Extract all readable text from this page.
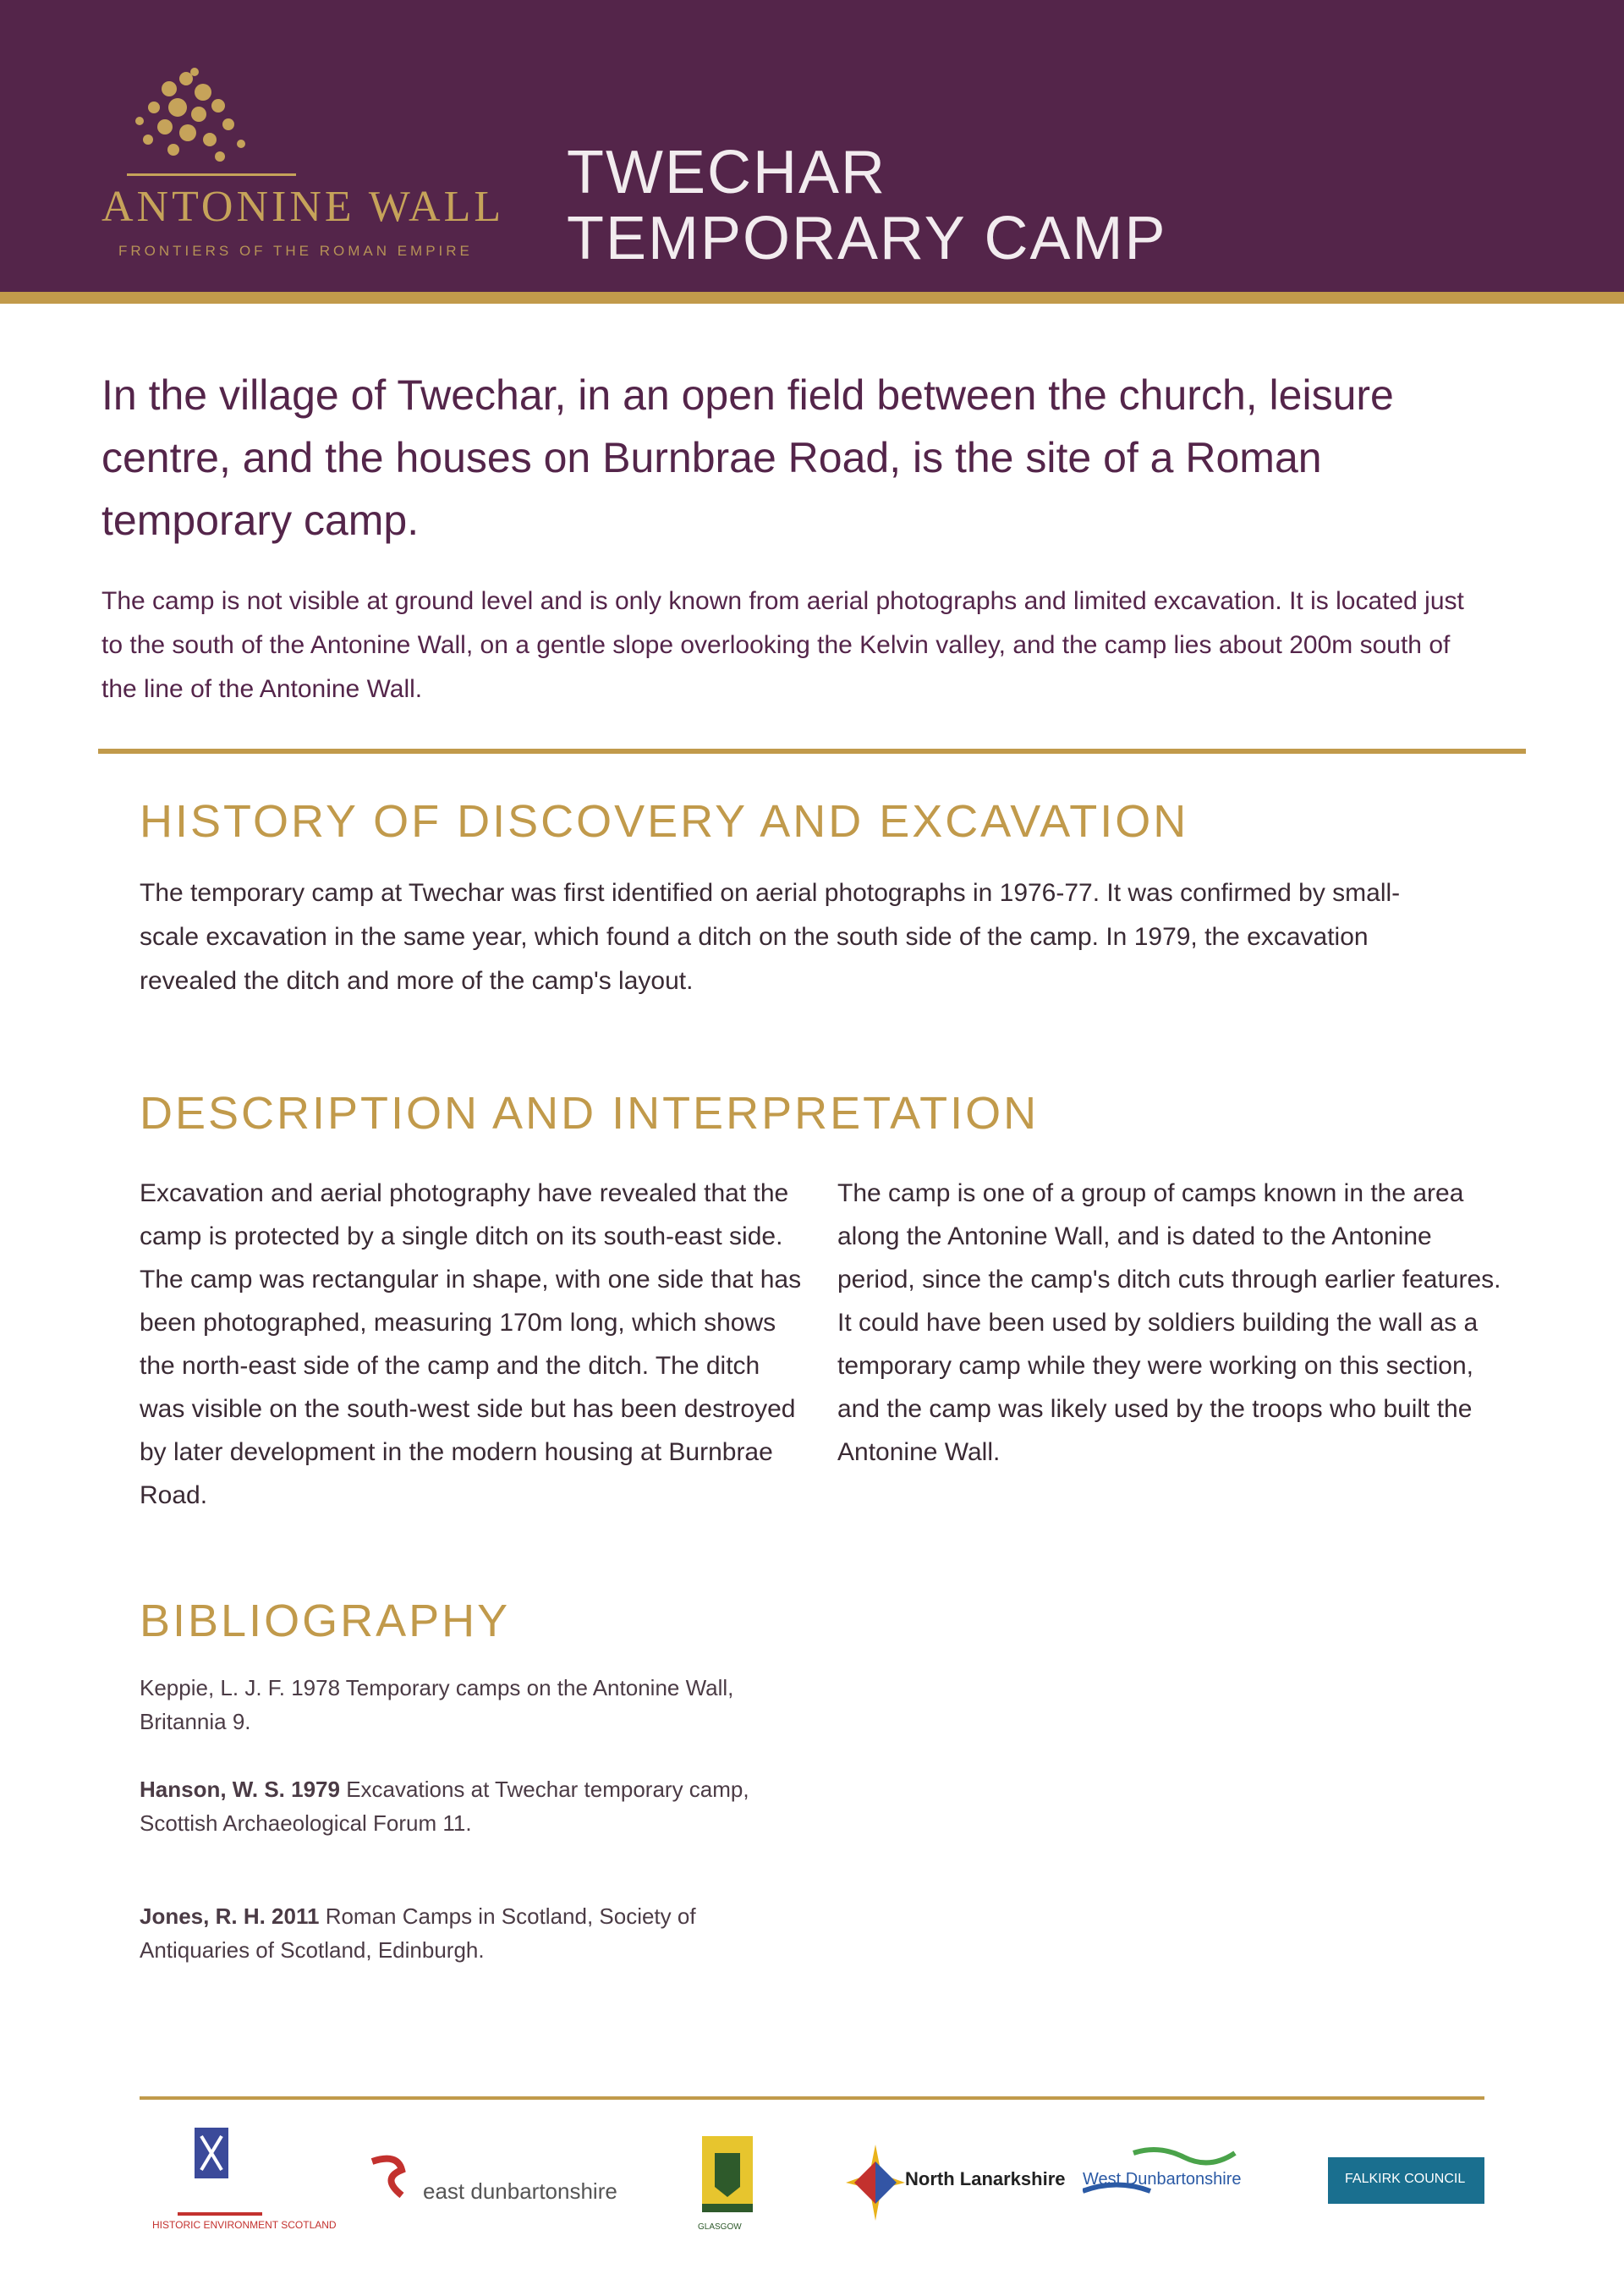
ANTONINE WALL
FRONTIERS OF THE ROMAN EMPIRE
TWECHAR
TEMPORARY CAMP
In the village of Twechar, in an open field between the church, leisure centre, and the houses on Burnbrae Road, is the site of a Roman temporary camp.
The camp is not visible at ground level and is only known from aerial photographs and limited excavation. It is located just to the south of the Antonine Wall, on a gentle slope overlooking the Kelvin valley, and the camp lies about 200m south of the line of the Antonine Wall.
HISTORY OF DISCOVERY AND EXCAVATION
The temporary camp at Twechar was first identified on aerial photographs in 1976-77. It was confirmed by small-scale excavation in the same year, which found a ditch on the south side of the camp. In 1979, the excavation revealed the ditch and more of the camp's layout.
DESCRIPTION AND INTERPRETATION
Excavation and aerial photography have revealed that the camp is protected by a single ditch on its south-east side. The camp was rectangular in shape, with one side that has been photographed, measuring 170m long, which shows the north-east side of the camp and the ditch. The ditch was visible on the south-west side but has been destroyed by later development in the modern housing at Burnbrae Road.
The camp is one of a group of camps known in the area along the Antonine Wall, and is dated to the Antonine period, since the camp's ditch cuts through earlier features. It could have been used by soldiers building the wall as a temporary camp while they were working on this section, and the camp was likely used by the troops who built the Antonine Wall.
BIBLIOGRAPHY
Keppie, L. J. F. 1978 Temporary camps on the Antonine Wall, Britannia 9.
Hanson, W. S. 1979 Excavations at Twechar temporary camp, Scottish Archaeological Forum 11.
Jones, R. H. 2011 Roman Camps in Scotland, Society of Antiquaries of Scotland, Edinburgh.
HISTORIC ENVIRONMENT SCOTLAND
east dunbartonshire
GLASGOW
North Lanarkshire West Dunbartonshire	FALKIRK COUNCIL
